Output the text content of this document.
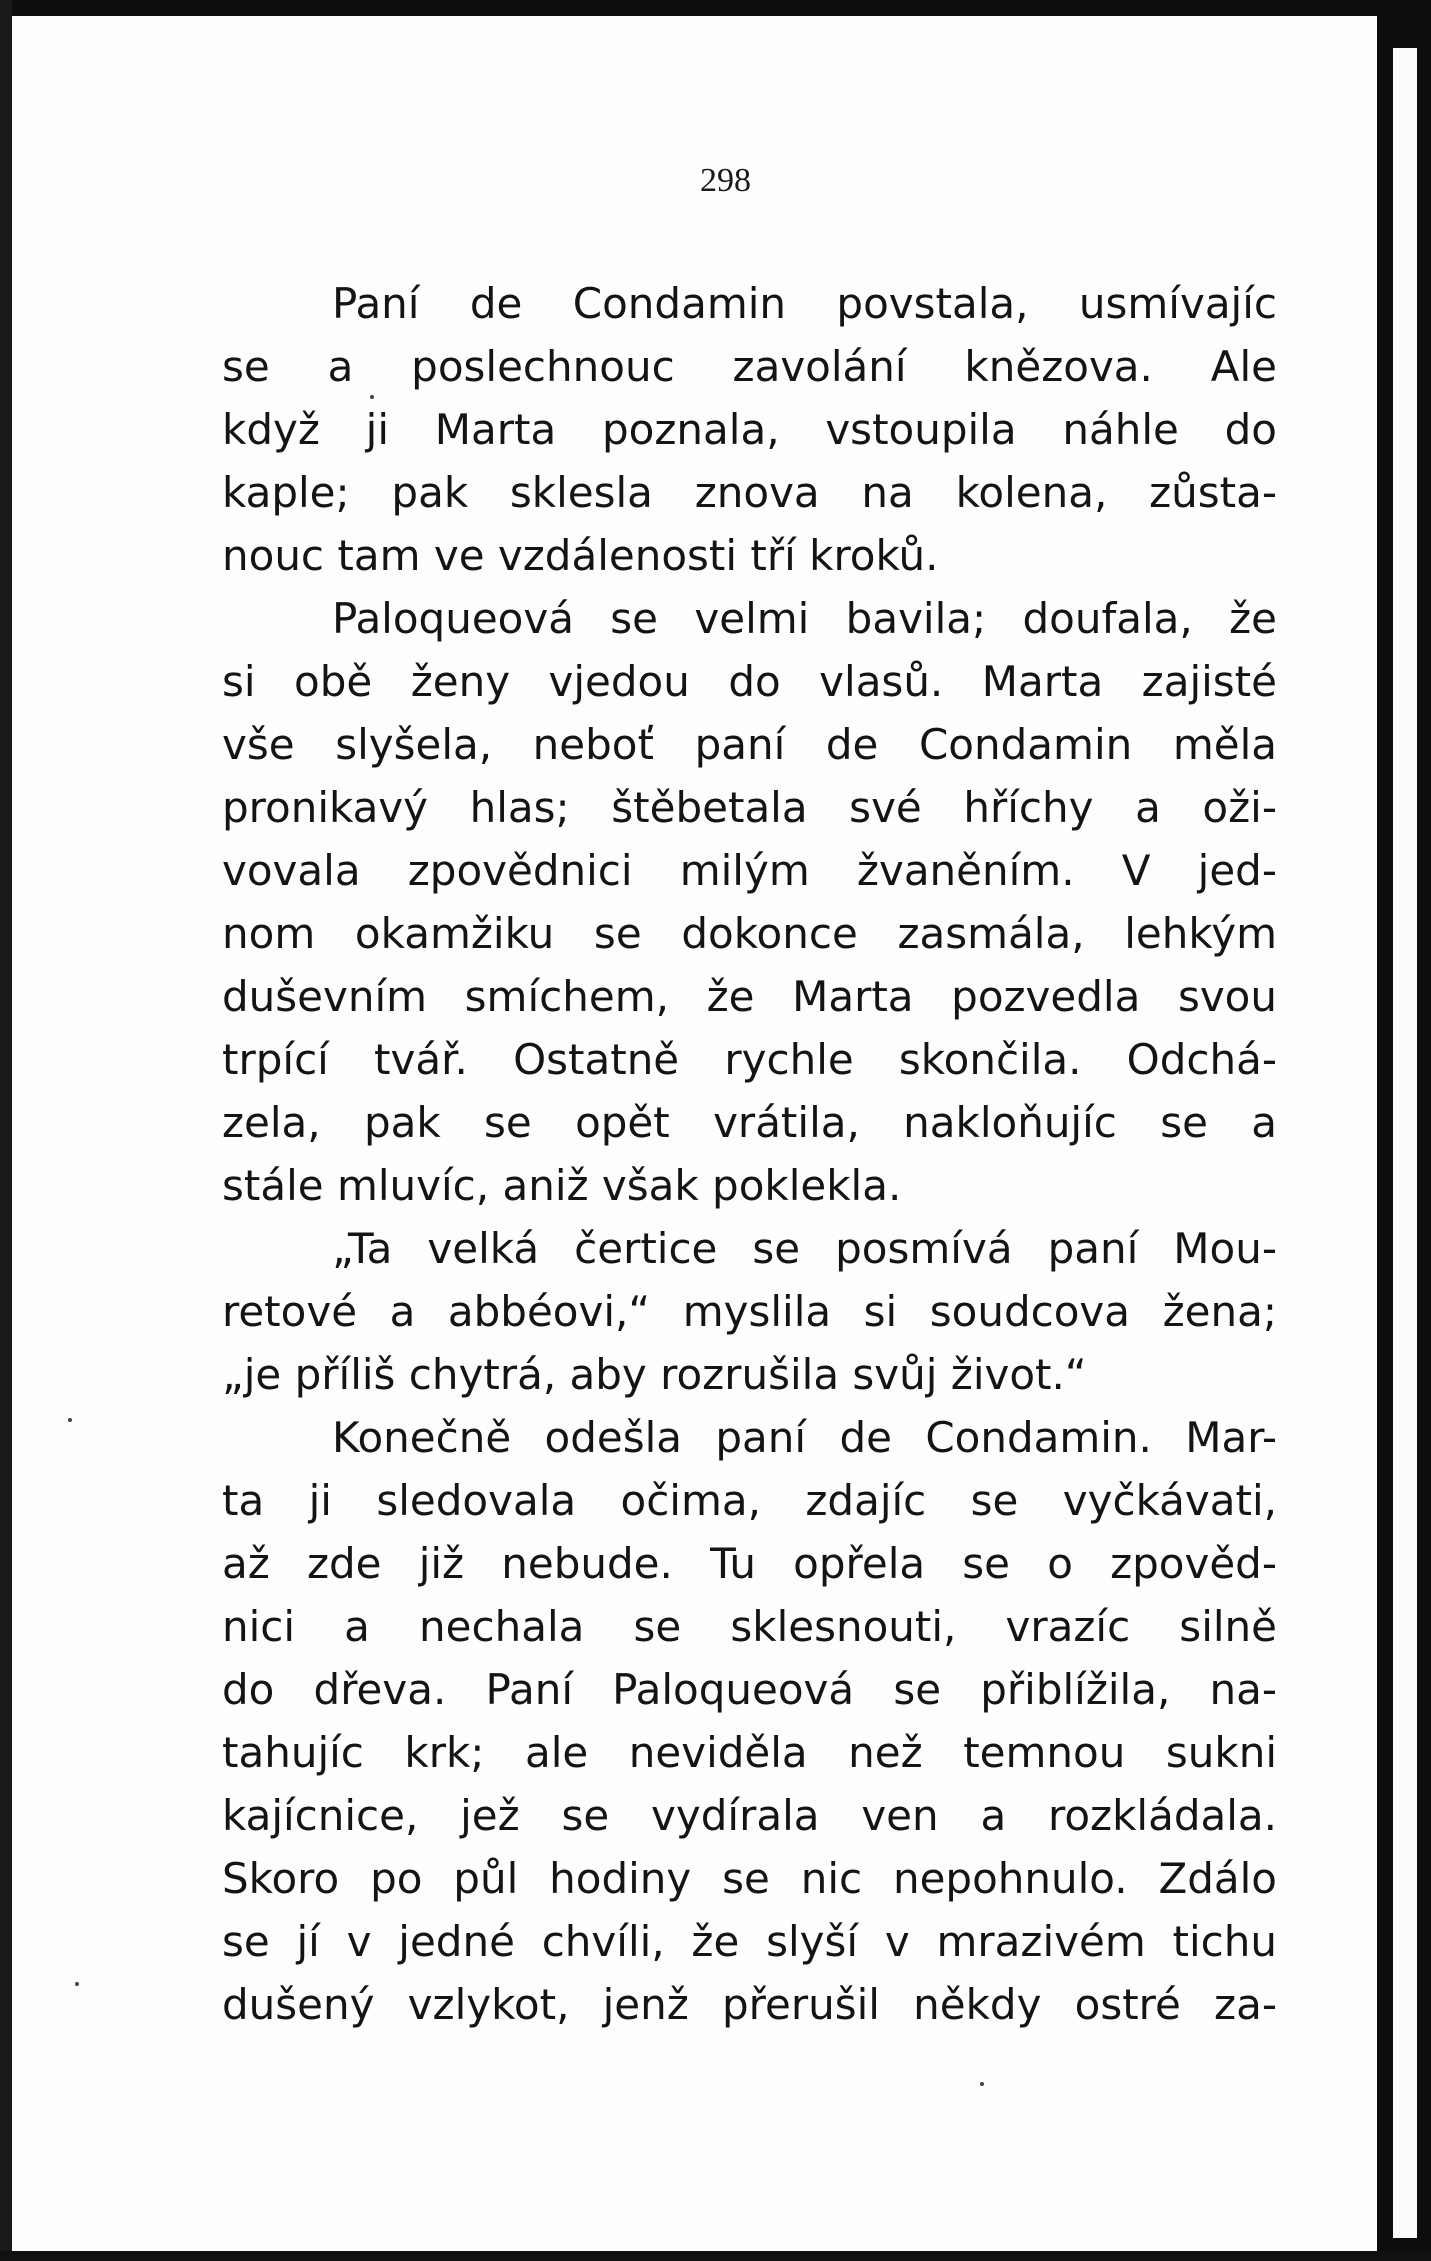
298
Paní de Condamin povstala, usmívajíc
se a poslechnouc zavolání knězova. Ale
když ji Marta poznala, vstoupila náhle do
kaple; pak sklesla znova na kolena, zůsta-
nouc tam ve vzdálenosti tří kroků.
Paloqueová se velmi bavila; doufala, že
si obě ženy vjedou do vlasů. Marta zajisté
vše slyšela, neboť paní de Condamin měla
pronikavý hlas; štěbetala své hříchy a oži-
vovala zpovědnici milým žvaněním. V jed-
nom okamžiku se dokonce zasmála, lehkým
duševním smíchem, že Marta pozvedla svou
trpící tvář. Ostatně rychle skončila. Odchá-
zela, pak se opět vrátila, nakloňujíc se a
stále mluvíc, aniž však poklekla.
„Ta velká čertice se posmívá paní Mou-
retové a abbéovi,“ myslila si soudcova žena;
„je příliš chytrá, aby rozrušila svůj život.“
Konečně odešla paní de Condamin. Mar-
ta ji sledovala očima, zdajíc se vyčkávati,
až zde již nebude. Tu opřela se o zpověd-
nici a nechala se sklesnouti, vrazíc silně
do dřeva. Paní Paloqueová se přiblížila, na-
tahujíc krk; ale neviděla než temnou sukni
kajícnice, jež se vydírala ven a rozkládala.
Skoro po půl hodiny se nic nepohnulo. Zdálo
se jí v jedné chvíli, že slyší v mrazivém tichu
dušený vzlykot, jenž přerušil někdy ostré za-
